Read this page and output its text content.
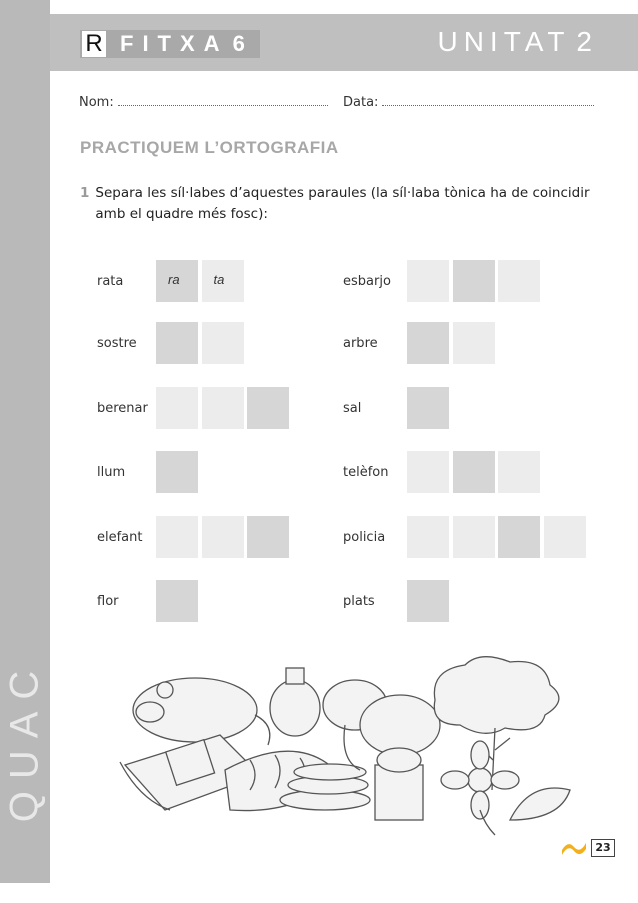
QUAC
R FITXA 6	UNITAT 2
Nom:	Data:
PRACTIQUEM L’ORTOGRAFIA
1 Separa les síl·labes d’aquestes paraules (la síl·laba tònica ha de coincidir amb el quadre més fosc):
rata	ra	ta
sostre
berenar
llum
elefant
flor
esbarjo
arbre
sal
telèfon
policia
plats
23
